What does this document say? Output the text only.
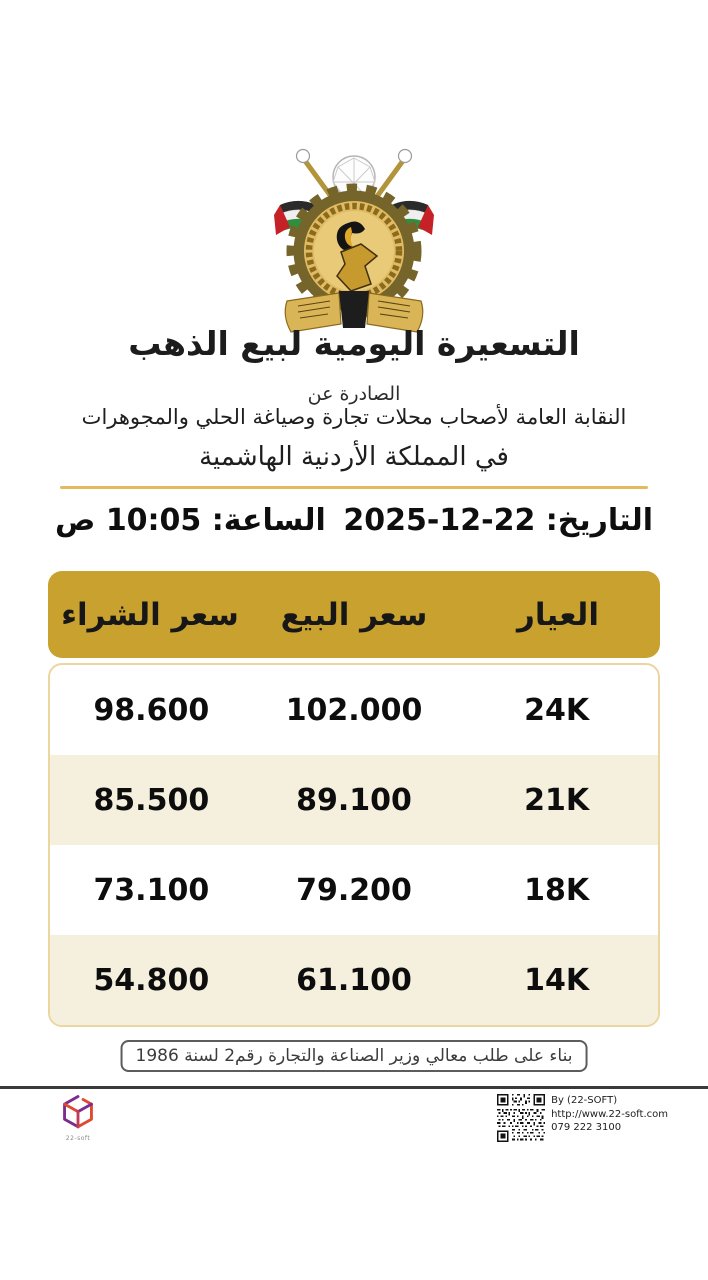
التسعيرة اليومية لبيع الذهب
الصادرة عن
النقابة العامة لأصحاب محلات تجارة وصياغة الحلي والمجوهرات
في المملكة الأردنية الهاشمية
التاريخ: 22-12-2025
الساعة: 10:05 ص
العيار
سعر البيع
سعر الشراء
24K
102.000
98.600
21K
89.100
85.500
18K
79.200
73.100
14K
61.100
54.800
بناء على طلب معالي وزير الصناعة والتجارة رقم2 لسنة 1986
22-soft
By (22-SOFT)
http://www.22-soft.com
079 222 3100
